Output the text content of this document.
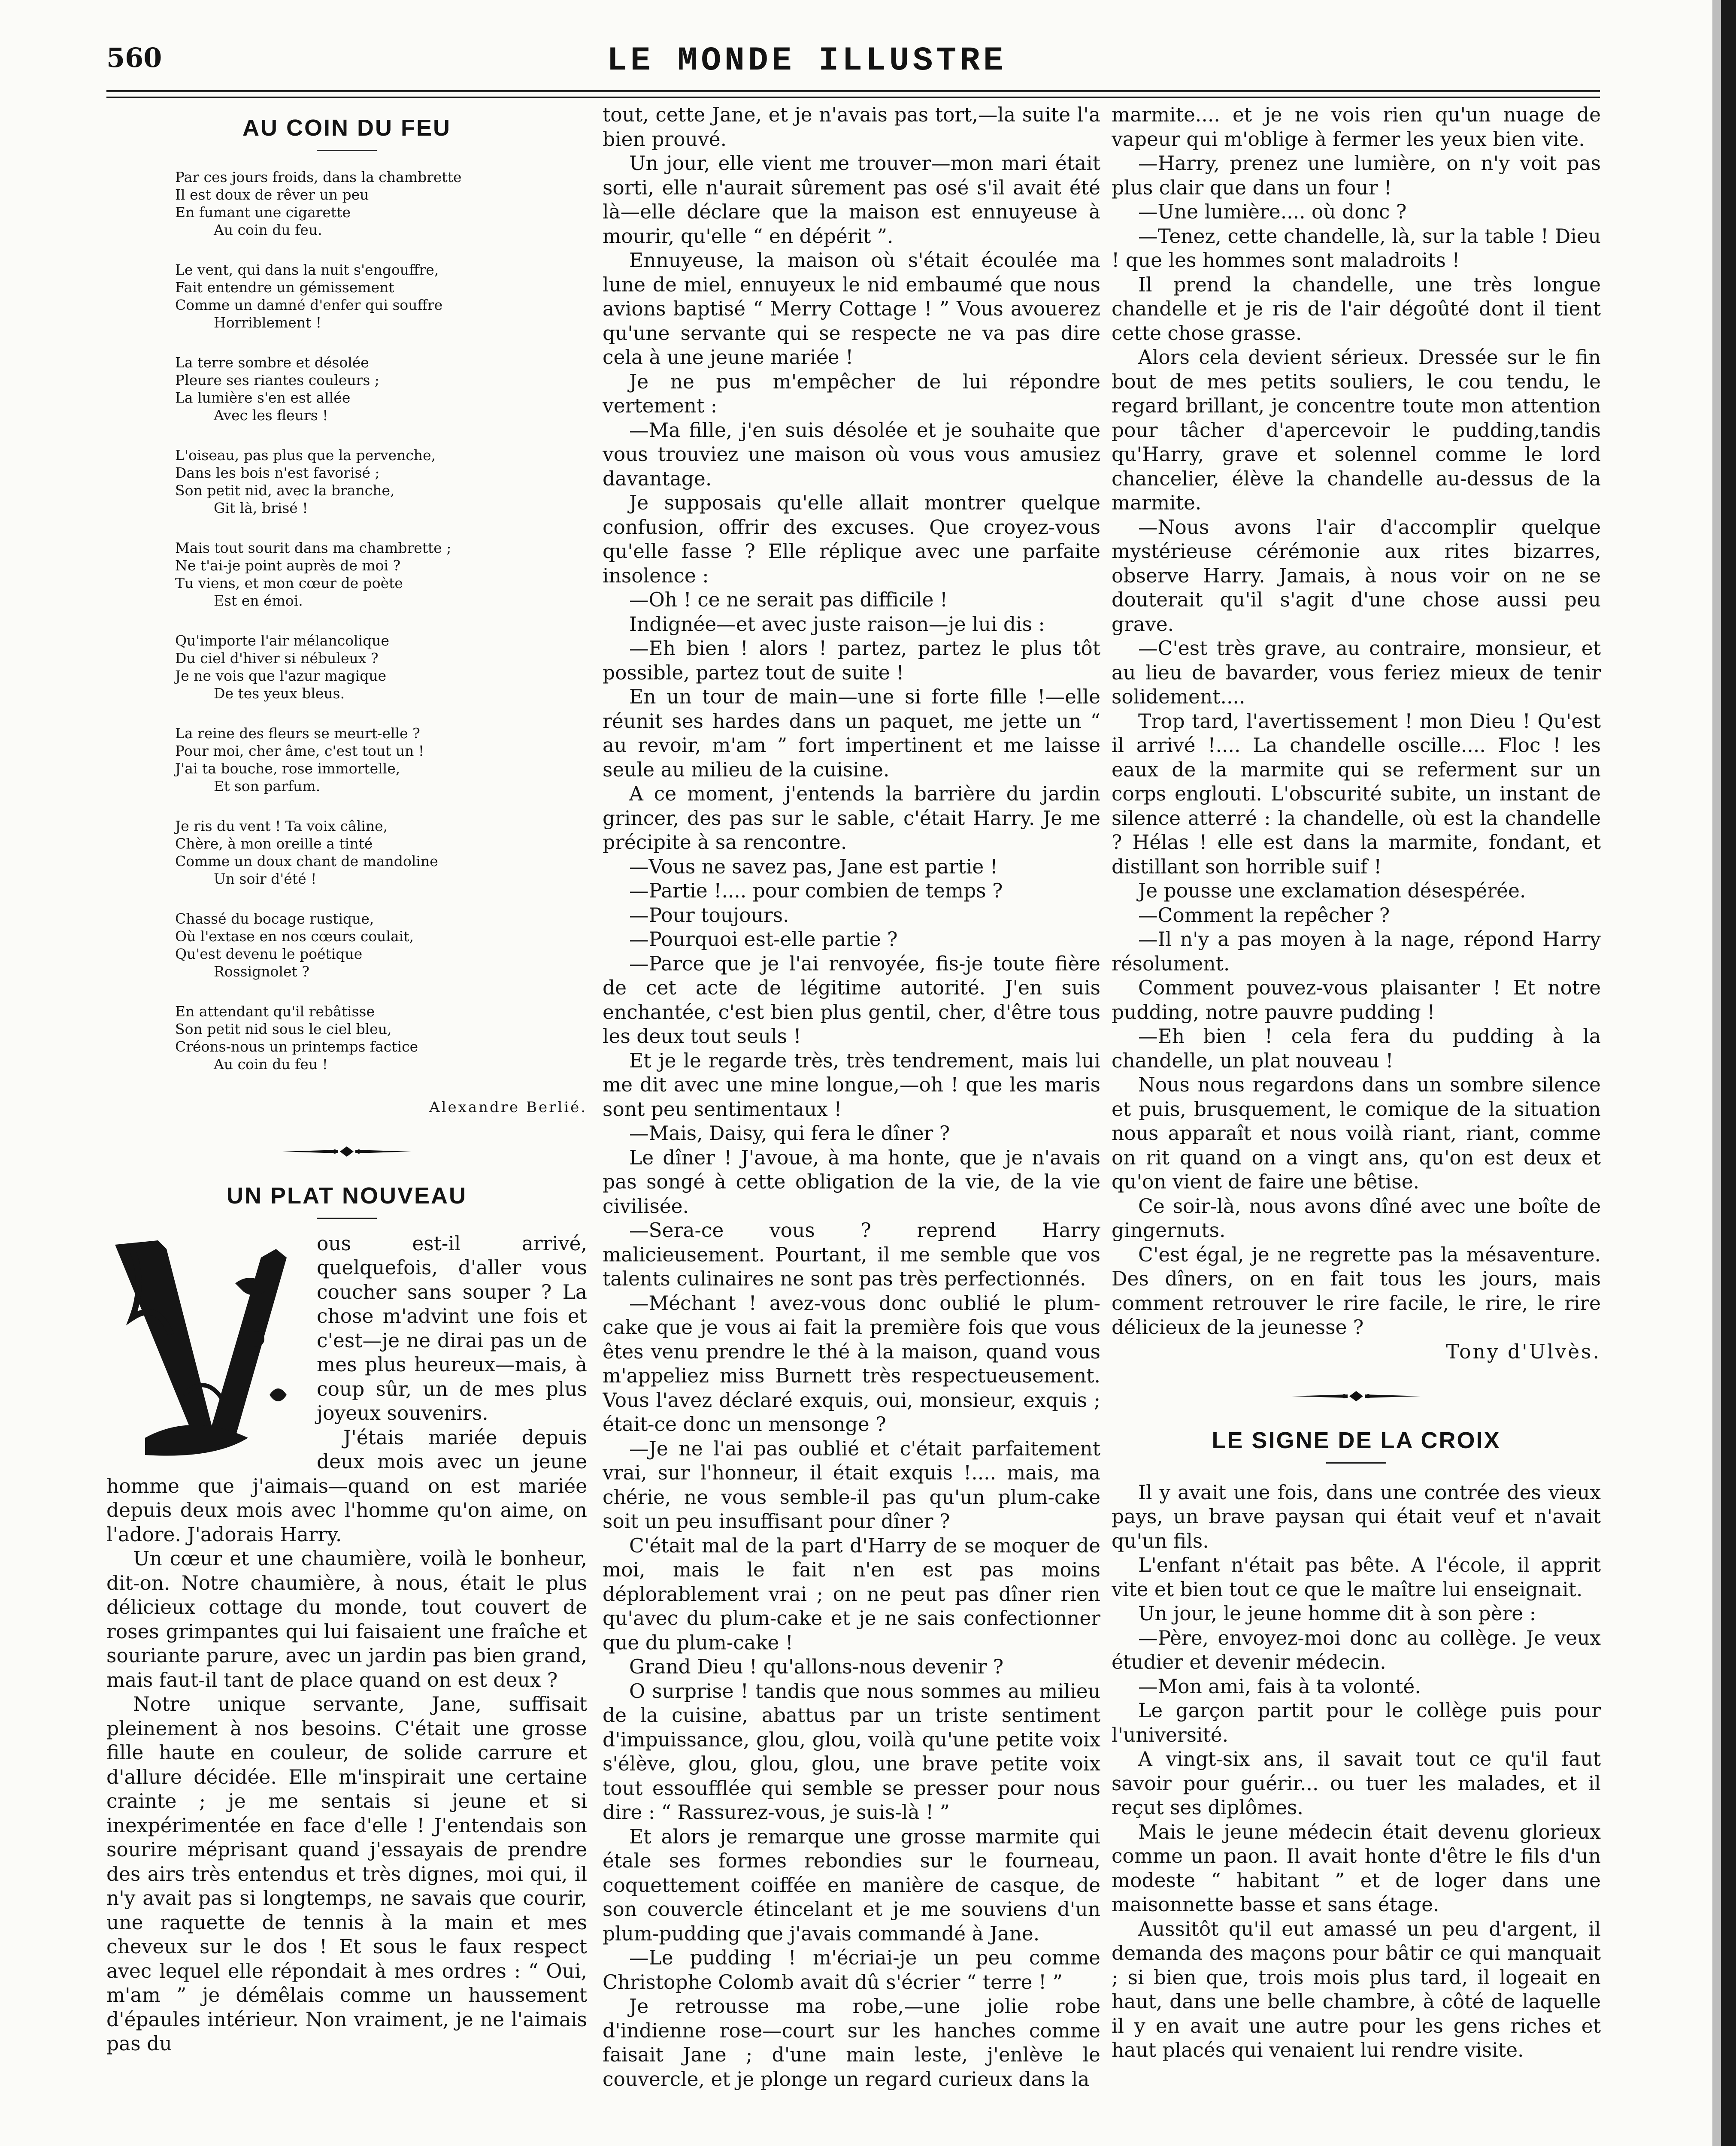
560	LE MONDE ILLUSTRE
AU COIN DU FEU
Par ces jours froids, dans la chambrette
Il est doux de rêver un peu
En fumant une cigarette
Au coin du feu.
Le vent, qui dans la nuit s'engouffre,
Fait entendre un gémissement
Comme un damné d'enfer qui souffre
Horriblement !
La terre sombre et désolée
Pleure ses riantes couleurs ;
La lumière s'en est allée
Avec les fleurs !
L'oiseau, pas plus que la pervenche,
Dans les bois n'est favorisé ;
Son petit nid, avec la branche,
Git là, brisé !
Mais tout sourit dans ma chambrette ;
Ne t'ai-je point auprès de moi ?
Tu viens, et mon cœur de poète
Est en émoi.
Qu'importe l'air mélancolique
Du ciel d'hiver si nébuleux ?
Je ne vois que l'azur magique
De tes yeux bleus.
La reine des fleurs se meurt-elle ?
Pour moi, cher âme, c'est tout un !
J'ai ta bouche, rose immortelle,
Et son parfum.
Je ris du vent ! Ta voix câline,
Chère, à mon oreille a tinté
Comme un doux chant de mandoline
Un soir d'été !
Chassé du bocage rustique,
Où l'extase en nos cœurs coulait,
Qu'est devenu le poétique
Rossignolet ?
En attendant qu'il rebâtisse
Son petit nid sous le ciel bleu,
Créons-nous un printemps factice
Au coin du feu !

Alexandre Berlié.

UN PLAT NOUVEAU

ous est-il arrivé, quelquefois, d'aller vous coucher sans souper ? La chose m'advint une fois et c'est—je ne dirai pas un de mes plus heureux—mais, à coup sûr, un de mes plus joyeux souvenirs.

J'étais mariée depuis deux mois avec un jeune homme que j'aimais—quand on est mariée depuis deux mois avec l'homme qu'on aime, on l'adore. J'adorais Harry.

Un cœur et une chaumière, voilà le bonheur, dit-on. Notre chaumière, à nous, était le plus délicieux cottage du monde, tout couvert de roses grimpantes qui lui faisaient une fraîche et souriante parure, avec un jardin pas bien grand, mais faut-il tant de place quand on est deux ?

Notre unique servante, Jane, suffisait pleinement à nos besoins. C'était une grosse fille haute en couleur, de solide carrure et d'allure décidée. Elle m'inspirait une certaine crainte ; je me sentais si jeune et si inexpérimentée en face d'elle ! J'entendais son sourire méprisant quand j'essayais de prendre des airs très entendus et très dignes, moi qui, il n'y avait pas si longtemps, ne savais que courir, une raquette de tennis à la main et mes cheveux sur le dos ! Et sous le faux respect avec lequel elle répondait à mes ordres : “ Oui, m'am ” je démêlais comme un haussement d'épaules intérieur. Non vraiment, je ne l'aimais pas du

tout, cette Jane, et je n'avais pas tort,—la suite l'a bien prouvé.

Un jour, elle vient me trouver—mon mari était sorti, elle n'aurait sûrement pas osé s'il avait été là—elle déclare que la maison est ennuyeuse à mourir, qu'elle “ en dépérit ”.

Ennuyeuse, la maison où s'était écoulée ma lune de miel, ennuyeux le nid embaumé que nous avions baptisé “ Merry Cottage ! ” Vous avouerez qu'une servante qui se respecte ne va pas dire cela à une jeune mariée !

Je ne pus m'empêcher de lui répondre vertement :

—Ma fille, j'en suis désolée et je souhaite que vous trouviez une maison où vous vous amusiez davantage.

Je supposais qu'elle allait montrer quelque confusion, offrir des excuses. Que croyez-vous qu'elle fasse ? Elle réplique avec une parfaite insolence :

—Oh ! ce ne serait pas difficile !

Indignée—et avec juste raison—je lui dis :

—Eh bien ! alors ! partez, partez le plus tôt possible, partez tout de suite !

En un tour de main—une si forte fille !—elle réunit ses hardes dans un paquet, me jette un “ au revoir, m'am ” fort impertinent et me laisse seule au milieu de la cuisine.

A ce moment, j'entends la barrière du jardin grincer, des pas sur le sable, c'était Harry. Je me précipite à sa rencontre.

—Vous ne savez pas, Jane est partie !

—Partie !.... pour combien de temps ?

—Pour toujours.

—Pourquoi est-elle partie ?

—Parce que je l'ai renvoyée, fis-je toute fière de cet acte de légitime autorité. J'en suis enchantée, c'est bien plus gentil, cher, d'être tous les deux tout seuls !

Et je le regarde très, très tendrement, mais lui me dit avec une mine longue,—oh ! que les maris sont peu sentimentaux !

—Mais, Daisy, qui fera le dîner ?

Le dîner ! J'avoue, à ma honte, que je n'avais pas songé à cette obligation de la vie, de la vie civilisée.

—Sera-ce vous ? reprend Harry malicieusement. Pourtant, il me semble que vos talents culinaires ne sont pas très perfectionnés.

—Méchant ! avez-vous donc oublié le plum-cake que je vous ai fait la première fois que vous êtes venu prendre le thé à la maison, quand vous m'appeliez miss Burnett très respectueusement. Vous l'avez déclaré exquis, oui, monsieur, exquis ; était-ce donc un mensonge ?

—Je ne l'ai pas oublié et c'était parfaitement vrai, sur l'honneur, il était exquis !.... mais, ma chérie, ne vous semble-il pas qu'un plum-cake soit un peu insuffisant pour dîner ?

C'était mal de la part d'Harry de se moquer de moi, mais le fait n'en est pas moins déplorablement vrai ; on ne peut pas dîner rien qu'avec du plum-cake et je ne sais confectionner que du plum-cake !

Grand Dieu ! qu'allons-nous devenir ?

O surprise ! tandis que nous sommes au milieu de la cuisine, abattus par un triste sentiment d'impuissance, glou, glou, voilà qu'une petite voix s'élève, glou, glou, glou, une brave petite voix tout essoufflée qui semble se presser pour nous dire : “ Rassurez-vous, je suis-là ! ”

Et alors je remarque une grosse marmite qui étale ses formes rebondies sur le fourneau, coquettement coiffée en manière de casque, de son couvercle étincelant et je me souviens d'un plum-pudding que j'avais commandé à Jane.

—Le pudding ! m'écriai-je un peu comme Christophe Colomb avait dû s'écrier “ terre ! ”

Je retrousse ma robe,—une jolie robe d'indienne rose—court sur les hanches comme faisait Jane ; d'une main leste, j'enlève le couvercle, et je plonge un regard curieux dans la

marmite.... et je ne vois rien qu'un nuage de vapeur qui m'oblige à fermer les yeux bien vite.

—Harry, prenez une lumière, on n'y voit pas plus clair que dans un four !

—Une lumière.... où donc ?

—Tenez, cette chandelle, là, sur la table ! Dieu ! que les hommes sont maladroits !

Il prend la chandelle, une très longue chandelle et je ris de l'air dégoûté dont il tient cette chose grasse.

Alors cela devient sérieux. Dressée sur le fin bout de mes petits souliers, le cou tendu, le regard brillant, je concentre toute mon attention pour tâcher d'apercevoir le pudding,tandis qu'Harry, grave et solennel comme le lord chancelier, élève la chandelle au-dessus de la marmite.

—Nous avons l'air d'accomplir quelque mystérieuse cérémonie aux rites bizarres, observe Harry. Jamais, à nous voir on ne se douterait qu'il s'agit d'une chose aussi peu grave.

—C'est très grave, au contraire, monsieur, et au lieu de bavarder, vous feriez mieux de tenir solidement....

Trop tard, l'avertissement ! mon Dieu ! Qu'est il arrivé !.... La chandelle oscille.... Floc ! les eaux de la marmite qui se referment sur un corps englouti. L'obscurité subite, un instant de silence atterré : la chandelle, où est la chandelle ? Hélas ! elle est dans la marmite, fondant, et distillant son horrible suif !

Je pousse une exclamation désespérée.

—Comment la repêcher ?

—Il n'y a pas moyen à la nage, répond Harry résolument.

Comment pouvez-vous plaisanter ! Et notre pudding, notre pauvre pudding !

—Eh bien ! cela fera du pudding à la chandelle, un plat nouveau !

Nous nous regardons dans un sombre silence et puis, brusquement, le comique de la situation nous apparaît et nous voilà riant, riant, comme on rit quand on a vingt ans, qu'on est deux et qu'on vient de faire une bêtise.

Ce soir-là, nous avons dîné avec une boîte de gingernuts.

C'est égal, je ne regrette pas la mésaventure. Des dîners, on en fait tous les jours, mais comment retrouver le rire facile, le rire, le rire délicieux de la jeunesse ?

Tony d'Ulvès.

LE SIGNE DE LA CROIX

Il y avait une fois, dans une contrée des vieux pays, un brave paysan qui était veuf et n'avait qu'un fils.

L'enfant n'était pas bête. A l'école, il apprit vite et bien tout ce que le maître lui enseignait.

Un jour, le jeune homme dit à son père :

—Père, envoyez-moi donc au collège. Je veux étudier et devenir médecin.

—Mon ami, fais à ta volonté.

Le garçon partit pour le collège puis pour l'université.

A vingt-six ans, il savait tout ce qu'il faut savoir pour guérir... ou tuer les malades, et il reçut ses diplômes.

Mais le jeune médecin était devenu glorieux comme un paon. Il avait honte d'être le fils d'un modeste “ habitant ” et de loger dans une maisonnette basse et sans étage.

Aussitôt qu'il eut amassé un peu d'argent, il demanda des maçons pour bâtir ce qui manquait ; si bien que, trois mois plus tard, il logeait en haut, dans une belle chambre, à côté de laquelle il y en avait une autre pour les gens riches et haut placés qui venaient lui rendre visite.
